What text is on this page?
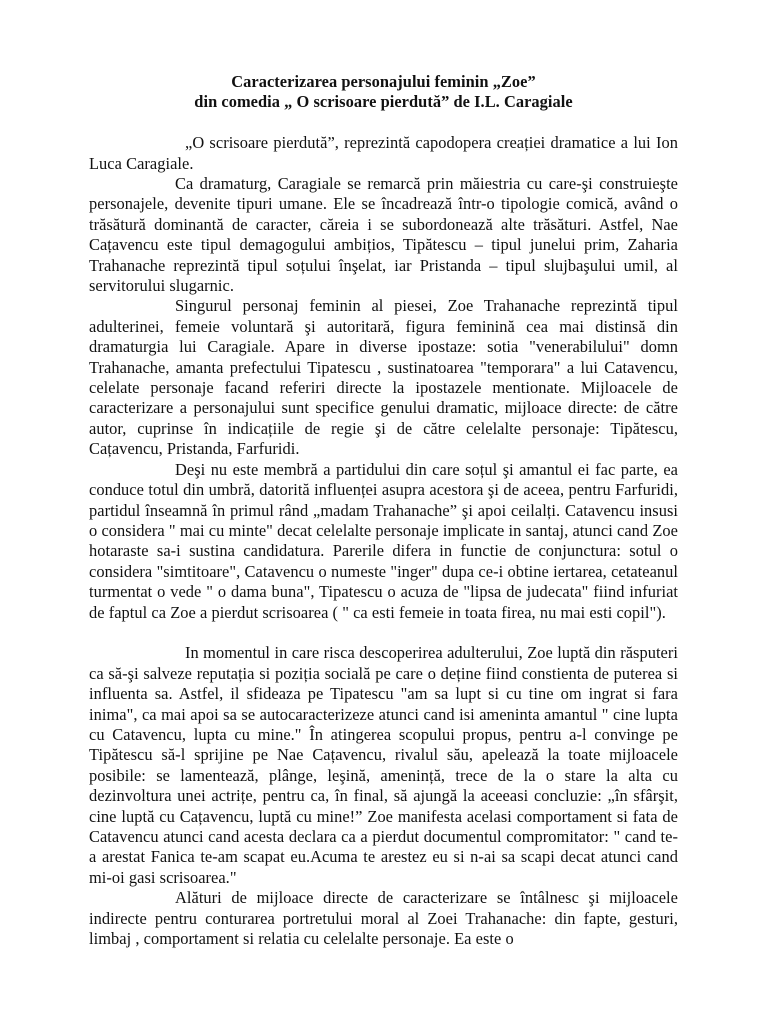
Caracterizarea personajului feminin „Zoe”
din comedia „ O scrisoare pierdută” de I.L. Caragiale

„O scrisoare pierdută”, reprezintă capodopera creației dramatice a lui Ion Luca Caragiale.

Ca dramaturg, Caragiale se remarcă prin măiestria cu care-şi construieşte personajele, devenite tipuri umane. Ele se încadrează într-o tipologie comică, având o trăsătură dominantă de caracter, căreia i se subordonează alte trăsături. Astfel, Nae Cațavencu este tipul demagogului ambițios, Tipătescu – tipul junelui prim, Zaharia Trahanache reprezintă tipul soțului înşelat, iar Pristanda – tipul slujbaşului umil, al servitorului slugarnic.

Singurul personaj feminin al piesei, Zoe Trahanache reprezintă tipul adulterinei, femeie voluntară şi autoritară, figura feminină cea mai distinsă din dramaturgia lui Caragiale. Apare in diverse ipostaze: sotia "venerabilului" domn Trahanache, amanta prefectului Tipatescu , sustinatoarea "temporara" a lui Catavencu, celelate personaje facand referiri directe la ipostazele mentionate. Mijloacele de caracterizare a personajului sunt specifice genului dramatic, mijloace directe: de către autor, cuprinse în indicațiile de regie şi de către celelalte personaje: Tipătescu, Cațavencu, Pristanda, Farfuridi.

Deşi nu este membră a partidului din care soțul şi amantul ei fac parte, ea conduce totul din umbră, datorită influenței asupra acestora şi de aceea, pentru Farfuridi, partidul înseamnă în primul rând „madam Trahanache” şi apoi ceilalți. Catavencu insusi o considera " mai cu minte" decat celelalte personaje implicate in santaj, atunci cand Zoe hotaraste sa-i sustina candidatura. Parerile difera in functie de conjunctura: sotul o considera "simtitoare", Catavencu o numeste "inger" dupa ce-i obtine iertarea, cetateanul turmentat o vede " o dama buna", Tipatescu o acuza de "lipsa de judecata" fiind infuriat de faptul ca Zoe a pierdut scrisoarea ( " ca esti femeie in toata firea, nu mai esti copil").

In momentul in care risca descoperirea adulterului, Zoe luptă din răsputeri ca să-şi salveze reputația si poziția socială pe care o deține fiind constienta de puterea si influenta sa. Astfel, il sfideaza pe Tipatescu "am sa lupt si cu tine om ingrat si fara inima", ca mai apoi sa se autocaracterizeze atunci cand isi ameninta amantul " cine lupta cu Catavencu, lupta cu mine." În atingerea scopului propus, pentru a-l convinge pe Tipătescu să-l sprijine pe Nae Cațavencu, rivalul său, apelează la toate mijloacele posibile: se lamentează, plânge, leşină, amenință, trece de la o stare la alta cu dezinvoltura unei actrițe, pentru ca, în final, să ajungă la aceeasi concluzie: „în sfârşit, cine luptă cu Cațavencu, luptă cu mine!” Zoe manifesta acelasi comportament si fata de Catavencu atunci cand acesta declara ca a pierdut documentul compromitator: " cand te-a arestat Fanica te-am scapat eu.Acuma te arestez eu si n-ai sa scapi decat atunci cand mi-oi gasi scrisoarea."

Alături de mijloace directe de caracterizare se întâlnesc şi mijloacele indirecte pentru conturarea portretului moral al Zoei Trahanache: din fapte, gesturi, limbaj , comportament si relatia cu celelalte personaje. Ea este o
